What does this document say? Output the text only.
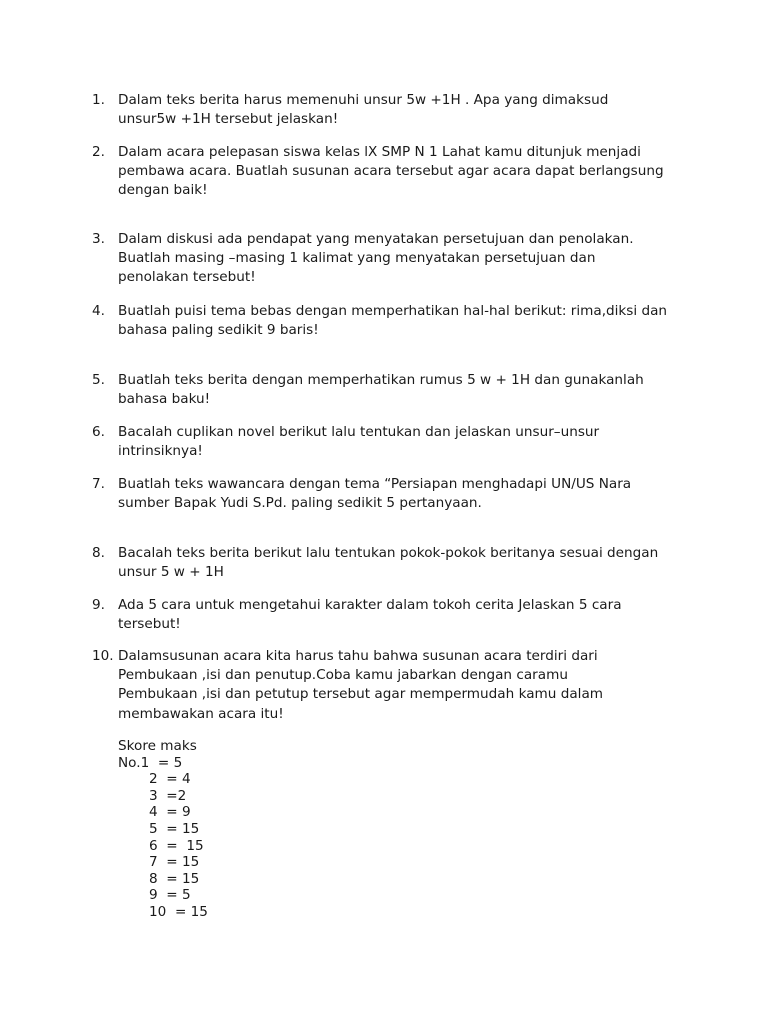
1. Dalam teks berita harus memenuhi unsur 5w +1H . Apa yang dimaksud
unsur5w +1H tersebut jelaskan!
2. Dalam acara pelepasan siswa kelas lX SMP N 1 Lahat kamu ditunjuk menjadi
pembawa acara. Buatlah susunan acara tersebut agar acara dapat berlangsung
dengan baik!
3. Dalam diskusi ada pendapat yang menyatakan persetujuan dan penolakan.
Buatlah masing –masing 1 kalimat yang menyatakan persetujuan dan
penolakan tersebut!
4. Buatlah puisi tema bebas dengan memperhatikan hal-hal berikut: rima,diksi dan
bahasa paling sedikit 9 baris!
5. Buatlah teks berita dengan memperhatikan rumus 5 w + 1H dan gunakanlah
bahasa baku!
6. Bacalah cuplikan novel berikut lalu tentukan dan jelaskan unsur–unsur
intrinsiknya!
7. Buatlah teks wawancara dengan tema “Persiapan menghadapi UN/US Nara
sumber Bapak Yudi S.Pd. paling sedikit 5 pertanyaan.
8. Bacalah teks berita berikut lalu tentukan pokok-pokok beritanya sesuai dengan
unsur 5 w + 1H
9. Ada 5 cara untuk mengetahui karakter dalam tokoh cerita Jelaskan 5 cara
tersebut!
10. Dalamsusunan acara kita harus tahu bahwa susunan acara terdiri dari
Pembukaan ,isi dan penutup.Coba kamu jabarkan dengan caramu
Pembukaan ,isi dan petutup tersebut agar mempermudah kamu dalam
membawakan acara itu!
Skore maks
No.1  = 5
2  = 4
3  =2
4  = 9
5  = 15
6  =  15
7  = 15
8  = 15
9  = 5
10  = 15
